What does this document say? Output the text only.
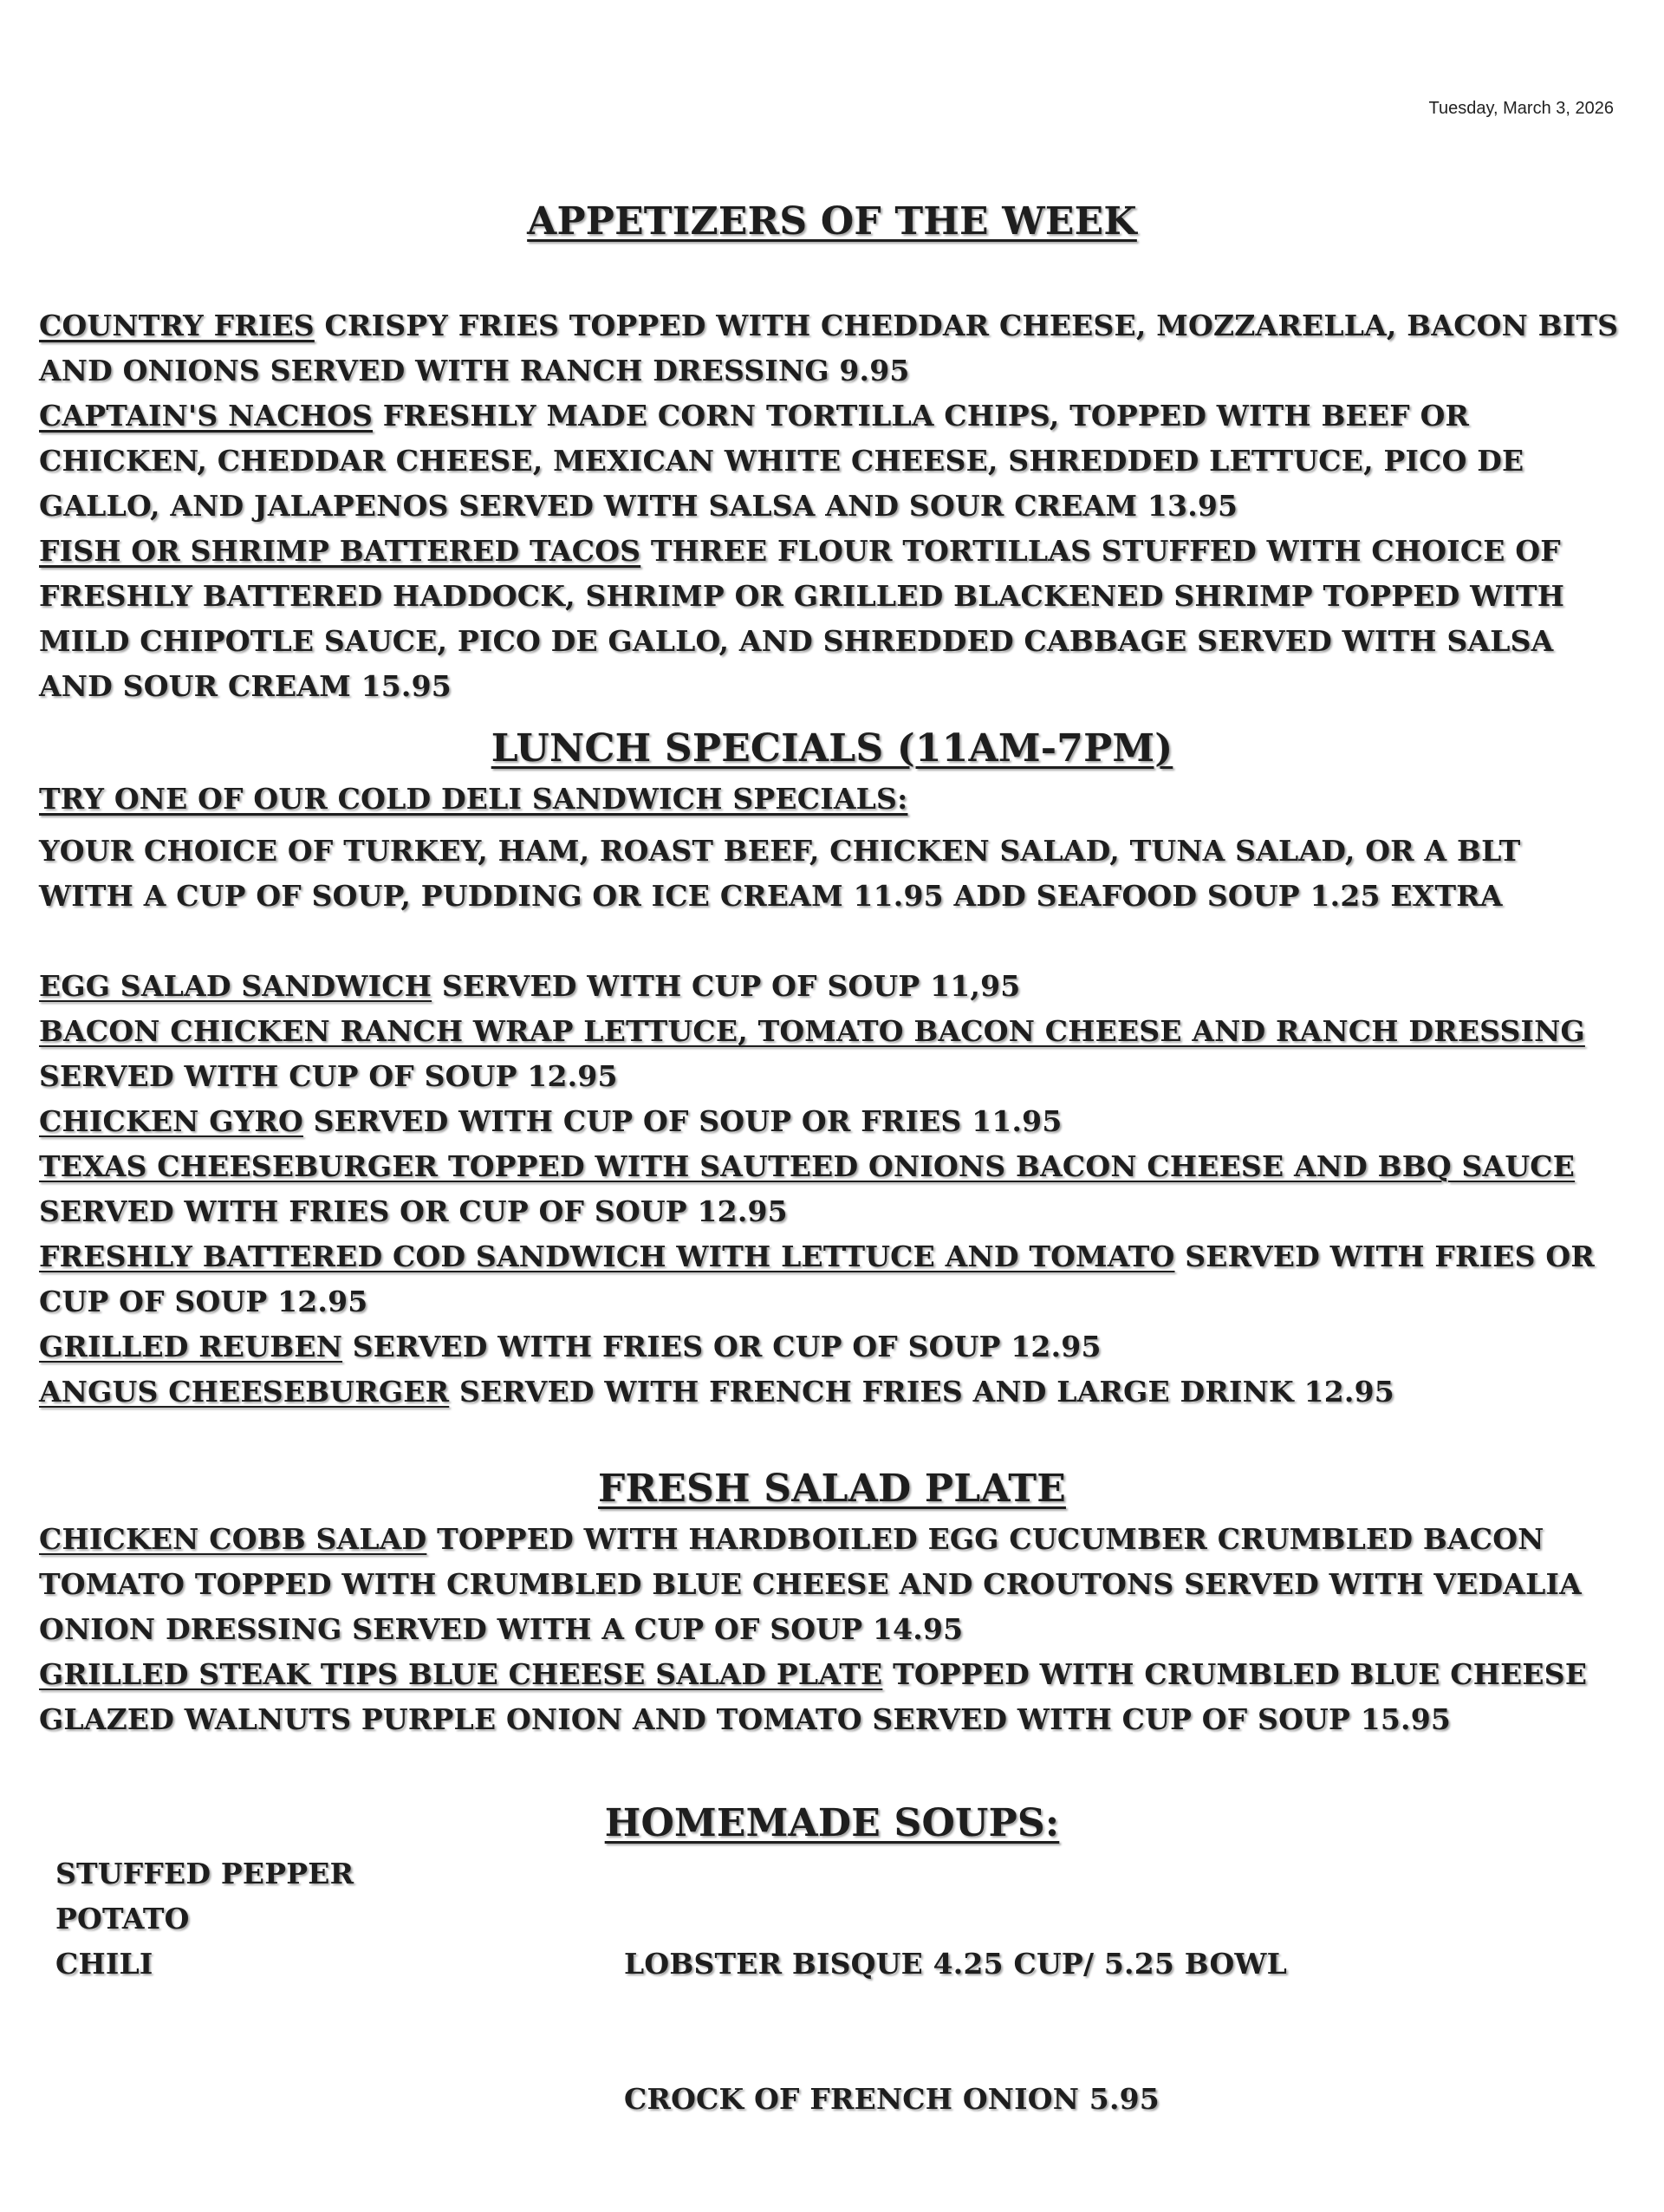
Tuesday, March 3, 2026
APPETIZERS OF THE WEEK

COUNTRY FRIES CRISPY FRIES TOPPED WITH CHEDDAR CHEESE, MOZZARELLA, BACON BITS AND ONIONS SERVED WITH RANCH DRESSING 9.95

CAPTAIN'S NACHOS FRESHLY MADE CORN TORTILLA CHIPS, TOPPED WITH BEEF OR CHICKEN, CHEDDAR CHEESE, MEXICAN WHITE CHEESE, SHREDDED LETTUCE, PICO DE GALLO, AND JALAPENOS SERVED WITH SALSA AND SOUR CREAM 13.95

FISH OR SHRIMP BATTERED TACOS THREE FLOUR TORTILLAS STUFFED WITH CHOICE OF FRESHLY BATTERED HADDOCK, SHRIMP OR GRILLED BLACKENED SHRIMP TOPPED WITH MILD CHIPOTLE SAUCE, PICO DE GALLO, AND SHREDDED CABBAGE SERVED WITH SALSA AND SOUR CREAM 15.95

LUNCH SPECIALS (11AM-7PM)
TRY ONE OF OUR COLD DELI SANDWICH SPECIALS:

YOUR CHOICE OF TURKEY, HAM, ROAST BEEF, CHICKEN SALAD, TUNA SALAD, OR A BLT WITH A CUP OF SOUP, PUDDING OR ICE CREAM 11.95 ADD SEAFOOD SOUP 1.25 EXTRA

EGG SALAD SANDWICH SERVED WITH CUP OF SOUP 11,95

BACON CHICKEN RANCH WRAP LETTUCE, TOMATO BACON CHEESE AND RANCH DRESSING SERVED WITH CUP OF SOUP 12.95

CHICKEN GYRO SERVED WITH CUP OF SOUP OR FRIES 11.95

TEXAS CHEESEBURGER TOPPED WITH SAUTEED ONIONS BACON CHEESE AND BBQ SAUCE SERVED WITH FRIES OR CUP OF SOUP 12.95

FRESHLY BATTERED COD SANDWICH WITH LETTUCE AND TOMATO SERVED WITH FRIES OR CUP OF SOUP 12.95

GRILLED REUBEN SERVED WITH FRIES OR CUP OF SOUP 12.95

ANGUS CHEESEBURGER SERVED WITH FRENCH FRIES AND LARGE DRINK 12.95

FRESH SALAD PLATE

CHICKEN COBB SALAD TOPPED WITH HARDBOILED EGG CUCUMBER CRUMBLED BACON TOMATO TOPPED WITH CRUMBLED BLUE CHEESE AND CROUTONS SERVED WITH VEDALIA ONION DRESSING SERVED WITH A CUP OF SOUP 14.95

GRILLED STEAK TIPS BLUE CHEESE SALAD PLATE TOPPED WITH CRUMBLED BLUE CHEESE GLAZED WALNUTS PURPLE ONION AND TOMATO SERVED WITH CUP OF SOUP 15.95

HOMEMADE SOUPS:
STUFFED PEPPER
POTATO
CHILI

	LOBSTER BISQUE 4.25 CUP/ 5.25 BOWL

CROCK OF FRENCH ONION 5.95
